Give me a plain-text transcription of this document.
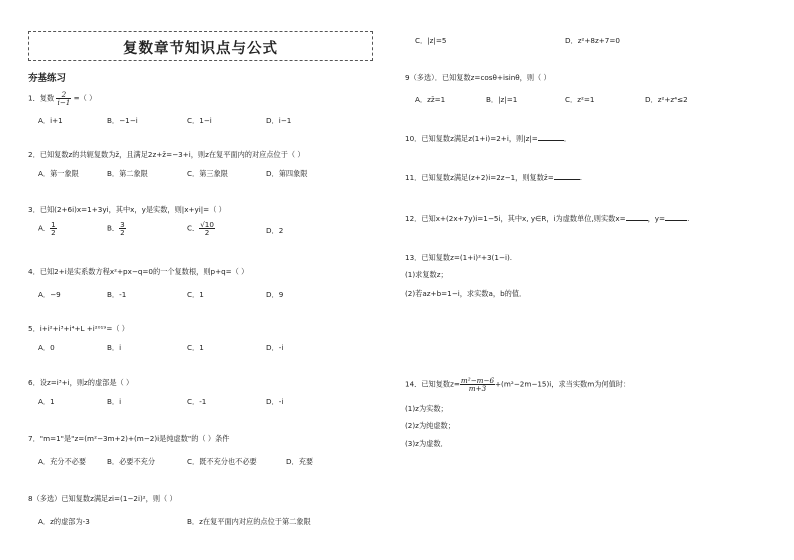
复数章节知识点与公式
夯基练习
1．复数 $\frac{2}{i-1}$ =（ ）
A．i+1	B．−1−i	C．1−i	D．i−1
2．已知复数z的共轭复数为z̄，且满足2z+z̄=−3+i，则z在复平面内的对应点位于（ ）
A．第一象限	B．第二象限	C．第三象限	D．第四象限
3．已知(2+6i)x=1+3yi，其中x，y是实数，则|x+yi|=（ ）
A． $\frac{1}{2}$	B． $\frac{3}{2}$	C． $\frac{√10}{2}$	D．2
4．已知2+i是实系数方程x²+px−q=0的一个复数根，则p+q=（ ）
A．−9	B．-1	C．1	D．9
5．i+i²+i³+i⁴+L +i²⁰¹⁹=（ ）
A．0	B．i	C．1	D．-i
6．设z=i³+i，则z的虚部是（ ）
A．1	B．i	C．-1	D．-i
7．"m=1"是"z=(m²−3m+2)+(m−2)i是纯虚数"的（ ）条件
A．充分不必要	B．必要不充分	C．既不充分也不必要	D．充要
8（多选）已知复数z满足zi=(1−2i)²，则（ ）
A．z的虚部为-3	B．z在复平面内对应的点位于第二象限
C．|z|=5	D．z²+8z+7=0
9（多选）．已知复数z=cosθ+isinθ，则（ ）
A．zz̄=1	B．|z|=1	C．z²=1	D．z²+z⁴≤2
10．已知复数z满足z(1+i)=2+i，则|z|=	．
11．已知复数z满足(z+2)i=2z−1，则复数z̄=	.
12．已知x+(2x+7y)i=1−5i，其中x, y∈R，i为虚数单位,则实数x=	，y=	.
13．已知复数z=(1+i)²+3(1−i).
(1)求复数z；
(2)若az+b=1−i，求实数a，b的值．
14．已知复数$z= \frac{\text{m²−m−6}}{m+3} +(m^2-2m-15)i$，求当实数m为何值时：
(1)z为实数；
(2)z为纯虚数；
(3)z为虚数．
